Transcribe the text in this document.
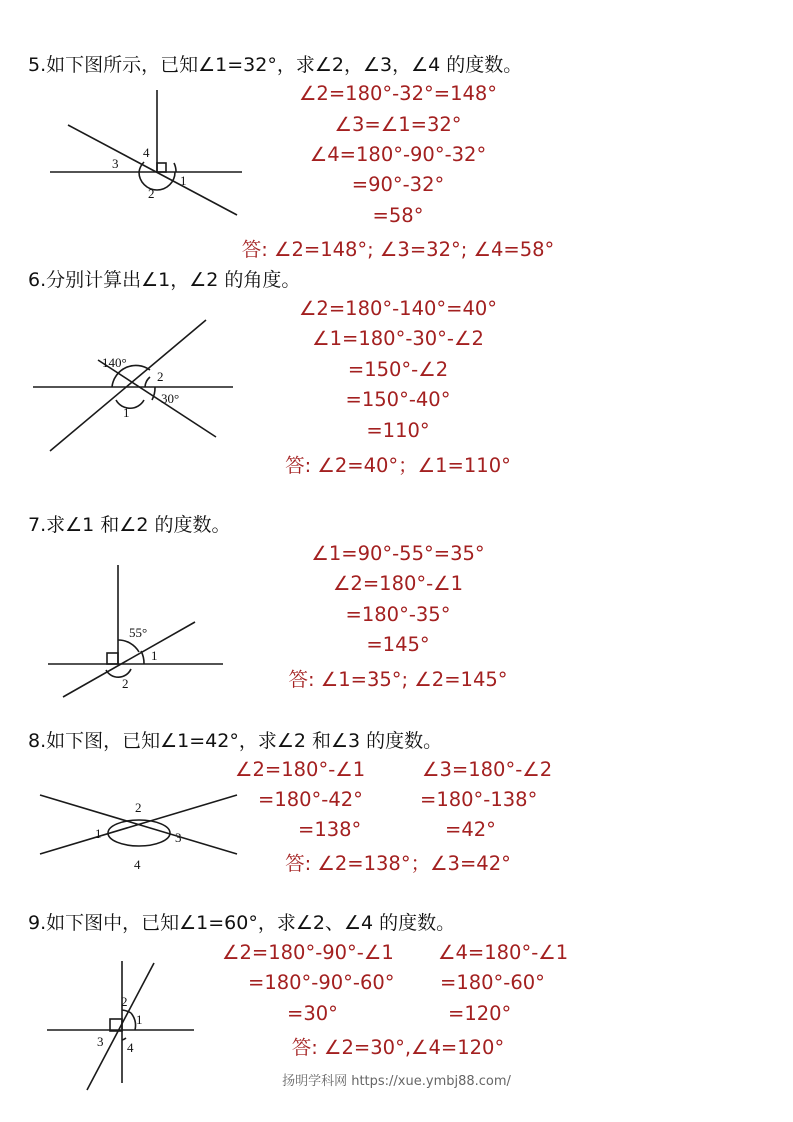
5.如下图所示，已知∠1=32°，求∠2，∠3，∠4 的度数。
4
3
1
2
∠2=180°-32°=148°
∠3=∠1=32°
∠4=180°-90°-32°
=90°-32°
=58°
答: ∠2=148°; ∠3=32°; ∠4=58°
6.分别计算出∠1，∠2 的角度。
140°
2
30°
1
∠2=180°-140°=40°
∠1=180°-30°-∠2
=150°-∠2
=150°-40°
=110°
答: ∠2=40°；∠1=110°
7.求∠1 和∠2 的度数。
55°
1
2
∠1=90°-55°=35°
∠2=180°-∠1
=180°-35°
=145°
答: ∠1=35°; ∠2=145°
8.如下图，已知∠1=42°，求∠2 和∠3 的度数。
2
1	3
4
∠2=180°-∠1
=180°-42°
=138°
∠3=180°-∠2
=180°-138°
=42°
答: ∠2=138°；∠3=42°
9.如下图中，已知∠1=60°，求∠2、∠4 的度数。
2
1
3 4
∠2=180°-90°-∠1
=180°-90°-60°
=30°
∠4=180°-∠1
=180°-60°
=120°
答: ∠2=30°,∠4=120°
扬明学科网 https://xue.ymbj88.com/
